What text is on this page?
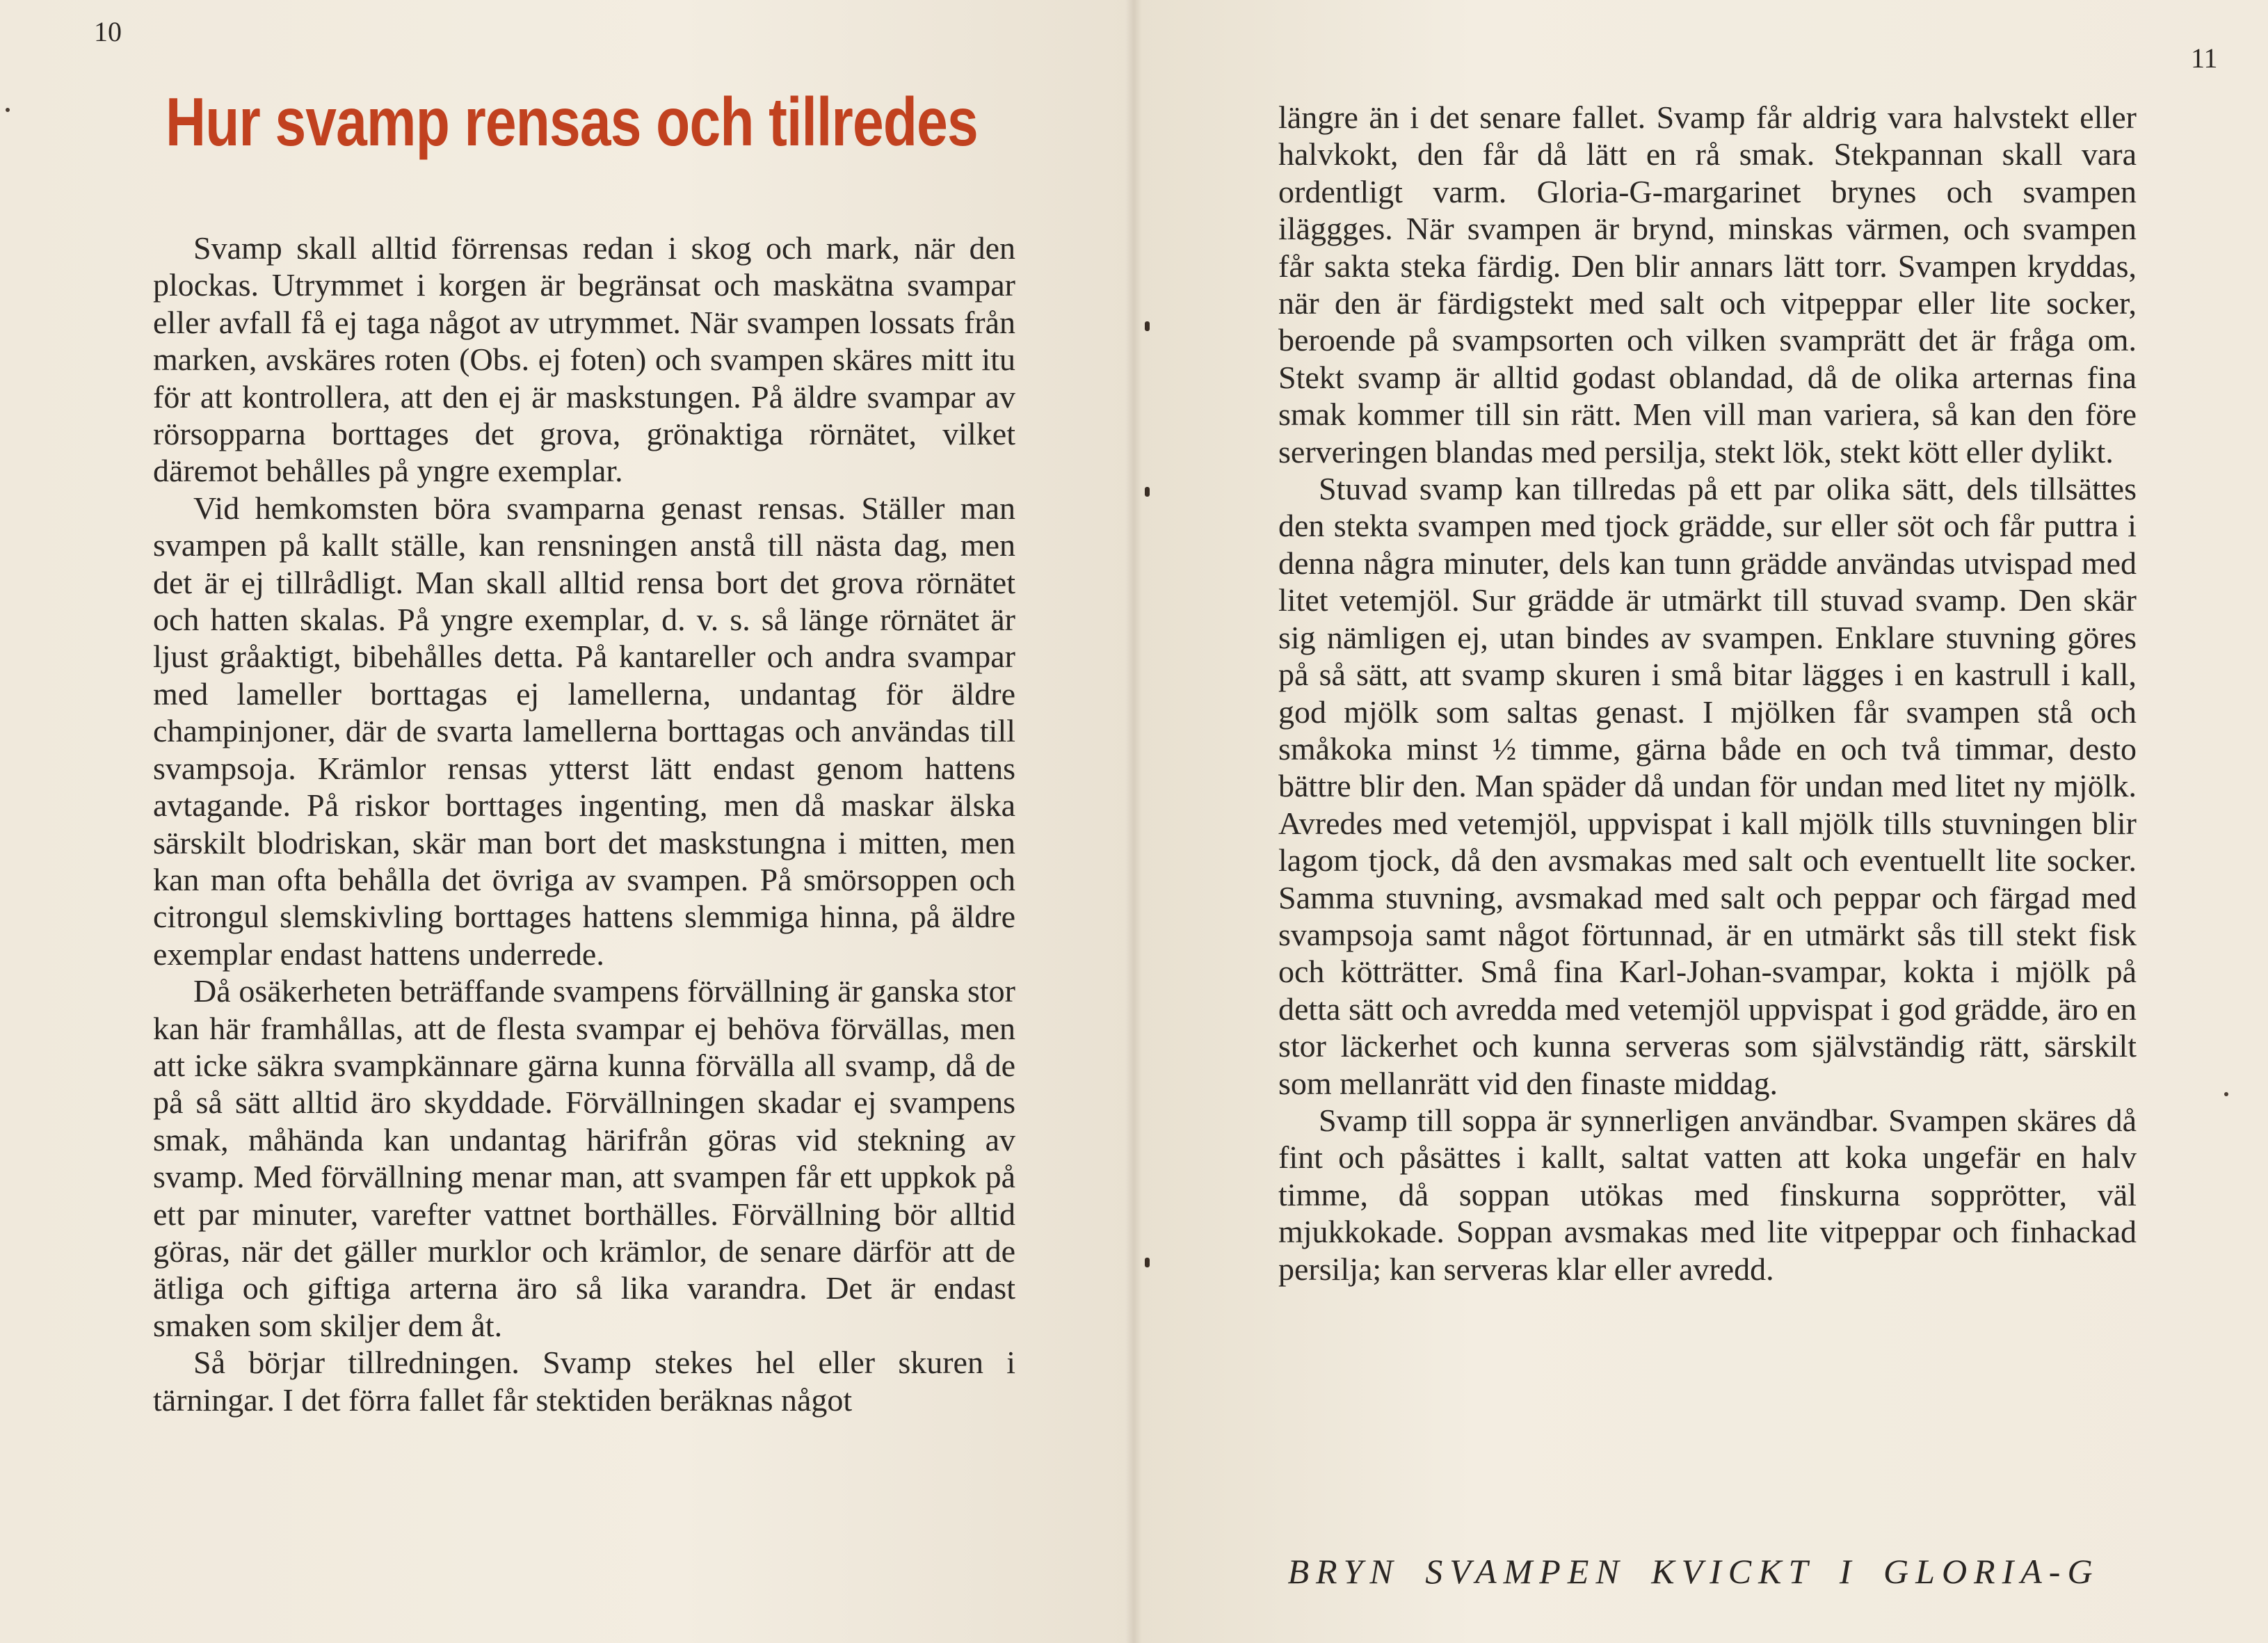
10
Hur svamp rensas och tillredes

Svamp skall alltid förrensas redan i skog och mark, när den plockas. Utrymmet i korgen är begränsat och maskätna svampar eller avfall få ej taga något av utrymmet. När svampen lossats från marken, avskäres roten (Obs. ej foten) och svampen skäres mitt itu för att kontrollera, att den ej är maskstungen. På äldre svampar av rörsopparna borttages det grova, grönaktiga rörnätet, vilket däremot behålles på yngre exemplar.

Vid hemkomsten böra svamparna genast rensas. Ställer man svampen på kallt ställe, kan rensningen anstå till nästa dag, men det är ej tillrådligt. Man skall alltid rensa bort det grova rörnätet och hatten skalas. På yngre exemplar, d. v. s. så länge rörnätet är ljust gråaktigt, bibehålles detta. På kantareller och andra svampar med lameller borttagas ej lamellerna, undantag för äldre champinjoner, där de svarta lamellerna borttagas och användas till svampsoja. Krämlor rensas ytterst lätt endast genom hattens avtagande. På riskor borttages ingenting, men då maskar älska särskilt blodriskan, skär man bort det maskstungna i mitten, men kan man ofta behålla det övriga av svampen. På smörsoppen och citrongul slemskivling borttages hattens slemmiga hinna, på äldre exemplar endast hattens underrede.

Då osäkerheten beträffande svampens förvällning är ganska stor kan här framhållas, att de flesta svampar ej behöva förvällas, men att icke säkra svampkännare gärna kunna förvälla all svamp, då de på så sätt alltid äro skyddade. Förvällningen skadar ej svampens smak, måhända kan undantag härifrån göras vid stekning av svamp. Med förvällning menar man, att svampen får ett uppkok på ett par minuter, varefter vattnet borthälles. Förvällning bör alltid göras, när det gäller murklor och krämlor, de senare därför att de ätliga och giftiga arterna äro så lika varandra. Det är endast smaken som skiljer dem åt.

Så börjar tillredningen. Svamp stekes hel eller skuren i tärningar. I det förra fallet får stektiden beräknas något

11

längre än i det senare fallet. Svamp får aldrig vara halvstekt eller halvkokt, den får då lätt en rå smak. Stekpannan skall vara ordentligt varm. Gloria-G-margarinet brynes och svampen iläggges. När svampen är brynd, minskas värmen, och svampen får sakta steka färdig. Den blir annars lätt torr. Svampen kryddas, när den är färdigstekt med salt och vitpeppar eller lite socker, beroende på svampsorten och vilken svamprätt det är fråga om. Stekt svamp är alltid godast oblandad, då de olika arternas fina smak kommer till sin rätt. Men vill man variera, så kan den före serveringen blandas med persilja, stekt lök, stekt kött eller dylikt.

Stuvad svamp kan tillredas på ett par olika sätt, dels tillsättes den stekta svampen med tjock grädde, sur eller söt och får puttra i denna några minuter, dels kan tunn grädde användas utvispad med litet vetemjöl. Sur grädde är utmärkt till stuvad svamp. Den skär sig nämligen ej, utan bindes av svampen. Enklare stuvning göres på så sätt, att svamp skuren i små bitar lägges i en kastrull i kall, god mjölk som saltas genast. I mjölken får svampen stå och småkoka minst ½ timme, gärna både en och två timmar, desto bättre blir den. Man späder då undan för undan med litet ny mjölk. Avredes med vetemjöl, uppvispat i kall mjölk tills stuvningen blir lagom tjock, då den avsmakas med salt och eventuellt lite socker. Samma stuvning, avsmakad med salt och peppar och färgad med svampsoja samt något förtunnad, är en utmärkt sås till stekt fisk och kötträtter. Små fina Karl-Johan-svampar, kokta i mjölk på detta sätt och avredda med vetemjöl uppvispat i god grädde, äro en stor läckerhet och kunna serveras som självständig rätt, särskilt som mellanrätt vid den finaste middag.

Svamp till soppa är synnerligen användbar. Svampen skäres då fint och påsättes i kallt, saltat vatten att koka ungefär en halv timme, då soppan utökas med finskurna sopprötter, väl mjukkokade. Soppan avsmakas med lite vitpeppar och finhackad persilja; kan serveras klar eller avredd.

BRYN SVAMPEN KVICKT I GLORIA-G
